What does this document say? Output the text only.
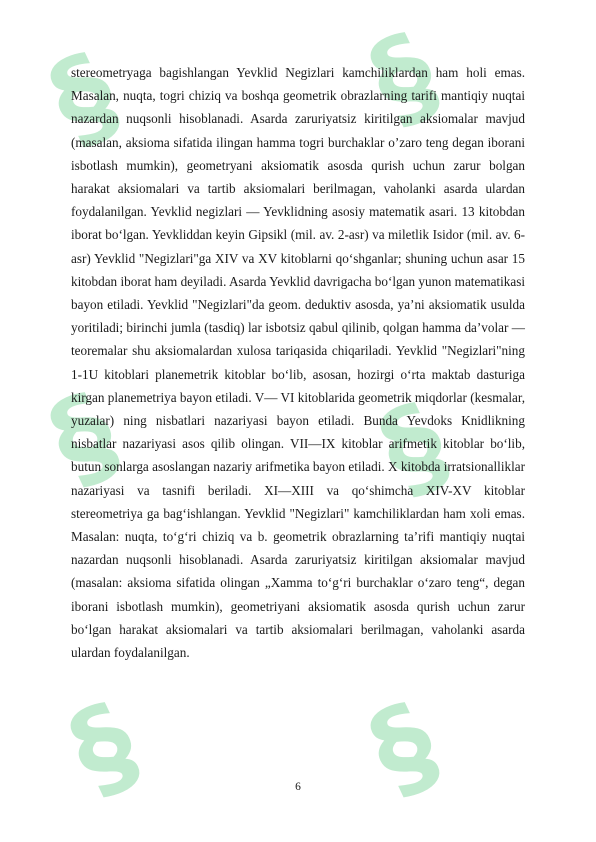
§ §
§ §
§ §
stereometryaga bagishlangan Yevklid Negizlari kamchiliklardan ham holi emas. Masalan, nuqta, togri chiziq va boshqa geometrik obrazlarning tarifi mantiqiy nuqtai nazardan nuqsonli hisoblanadi. Asarda zaruriyatsiz kiritilgan aksiomalar mavjud (masalan, aksioma sifatida ilingan hamma togri burchaklar o’zaro teng degan iborani isbotlash mumkin), geometryani aksiomatik asosda qurish uchun zarur bolgan harakat aksiomalari va tartib aksiomalari berilmagan, vaholanki asarda ulardan foydalanilgan. Yevklid negizlari — Yevklidning asosiy matematik asari. 13 kitobdan iborat boʻlgan. Yevkliddan keyin Gipsikl (mil. av. 2-asr) va miletlik Isidor (mil. av. 6-asr) Yevklid "Negizlari"ga XIV va XV kitoblarni qoʻshganlar; shuning uchun asar 15 kitobdan iborat ham deyiladi. Asarda Yevklid davrigacha boʻlgan yunon matematikasi bayon etiladi. Yevklid "Negizlari"da geom. deduktiv asosda, yaʼni aksiomatik usulda yoritiladi; birinchi jumla (tasdiq) lar isbotsiz qabul qilinib, qolgan hamma daʼvolar — teoremalar shu aksiomalardan xulosa tariqasida chiqariladi. Yevklid "Negizlari"ning 1-1U kitoblari planemetrik kitoblar boʻlib, asosan, hozirgi oʻrta maktab dasturiga kirgan planemetriya bayon etiladi. V— VI kitoblarida geometrik miqdorlar (kesmalar, yuzalar) ning nisbatlari nazariyasi bayon etiladi. Bunda Yevdoks Knidlikning nisbatlar nazariyasi asos qilib olingan. VII—IX kitoblar arifmetik kitoblar boʻlib, butun sonlarga asoslangan nazariy arifmetika bayon etiladi. X kitobda irratsionalliklar nazariyasi va tasnifi beriladi. XI—XIII va qoʻshimcha XIV-XV kitoblar stereometriya ga bagʻishlangan. Yevklid "Negizlari" kamchiliklardan ham xoli emas. Masalan: nuqta, toʻgʻri chiziq va b. geometrik obrazlarning taʼrifi mantiqiy nuqtai nazardan nuqsonli hisoblanadi. Asarda zaruriyatsiz kiritilgan aksiomalar mavjud (masalan: aksioma sifatida olingan „Xamma toʻgʻri burchaklar oʻzaro teng“, degan iborani isbotlash mumkin), geometriyani aksiomatik asosda qurish uchun zarur boʻlgan harakat aksiomalari va tartib aksiomalari berilmagan, vaholanki asarda ulardan foydalanilgan.
6
